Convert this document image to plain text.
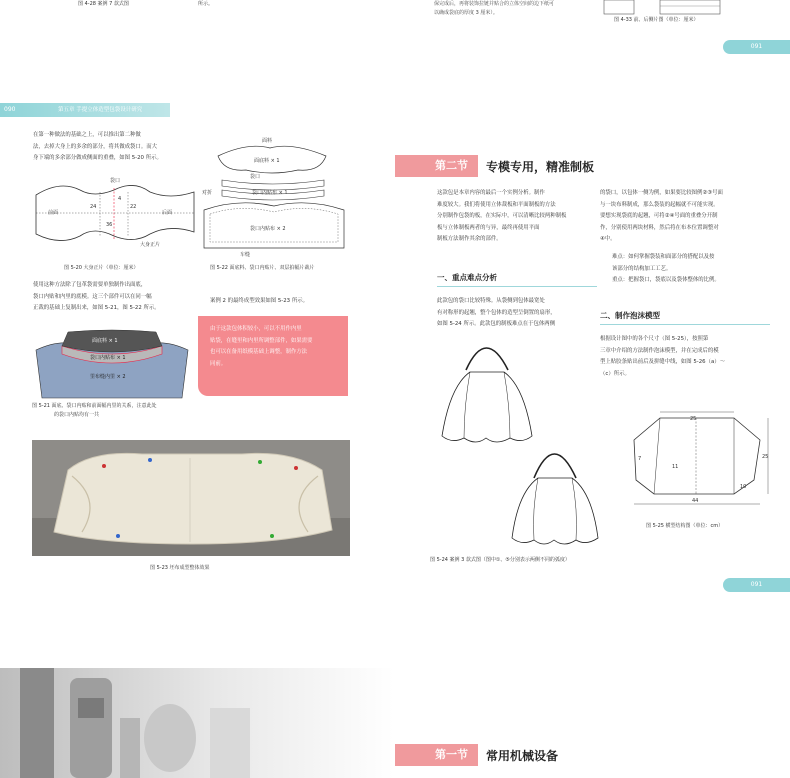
图 4-28 案例 7 款式图	所示。	保完成后，再将装饰拉链并贴合的立体空间的边下纸可
以确成袋底的厚度 3 厘米）。
图 4-33 前、后侧片图（单位：厘米）
091
090	第五章 手提立体造型包袋设计研究
在第一种做法的基础之上，可以推出第二种做
法，去掉大身上的多余的部分，将其做成袋口。而大
身下端的多余部分做成侧面的重叠，如图 5-20 所示。
袋口
前面	后面
大身正片
24
36
22
4
图 5-20 大身正片（单位：厘米）
面料
面底料 × 1
袋口
袋口内贴布 × 1
对折
袋口内贴布 × 2
车缝
图 5-22 面底料、袋口内贴片、双层拍幅片裁片
使用这种方法除了包革袋需要单独制作出面底，
袋口内贴和内里的底模。这三个部件可以在同一幅
正裁的基础上复制出来，如图 5-21，图 5-22 所示。
面底料 × 1
袋口内贴布 × 1
里布缝内里 × 2
图 5-21 面底、袋口内贴和前面幅内里的关系，注意此处
的袋口内贴均有一共
案例 2 的最终成型效果如图 5-23 所示。
由于这款包体积较小，可以不用作内里
贴袋，在缝里和内里所调整部件，如果需要
也可以在备用纸模基础上调整，制作方法
同前。
图 5-23 坯布成型整体效果
第二节	专模专用，精准制板
这款包是本章内容的最后一个实例分析。制作
难度较大。我们将使用立体裁板和平面制板的方法
分别制作包袋的板，在实际中，可以清晰比较两种制板
板与立体制板两者的与异，最终再使用平面
制板方法制作其余的部件。
的袋口，以包体一侧为例，如果要比较图例②③号面
与一块布料制成，那么袋装的起幅就不可能实现。
要想实现袋底的起翘，可将②④号面的重叠分开制
作，分别使用两块材料，然后将在布本位置调整对
④中。
难点：如何掌握袋装和面部分的搭配以及按
该部分的结构加工工艺。
重点：把握袋口，袋底以及袋体整体的比例。
一、重点难点分析
此款包的袋口比较特殊。从袋侧到包体最宽处
有对称形的起翘，整个包体的造型呈倒置的扇形，
如图 5-24 所示。此款包的制板难点在于包体两侧
二、制作泡沫模型
根据设计图中的各个尺寸（图 5-25），按照第
三章中介绍的方法制作泡沫模型，并在完成后的模
型上贴胶条贴出前后及拼缝中线，如图 5-26（a）～
（c）所示。
图 5-24 案例 3 款式图（图中①、⑤分别表示两侧不同的弧度）
25
25
11
44
7
10
图 5-25 横型结构图（单位：cm）
091
第一节	常用机械设备
